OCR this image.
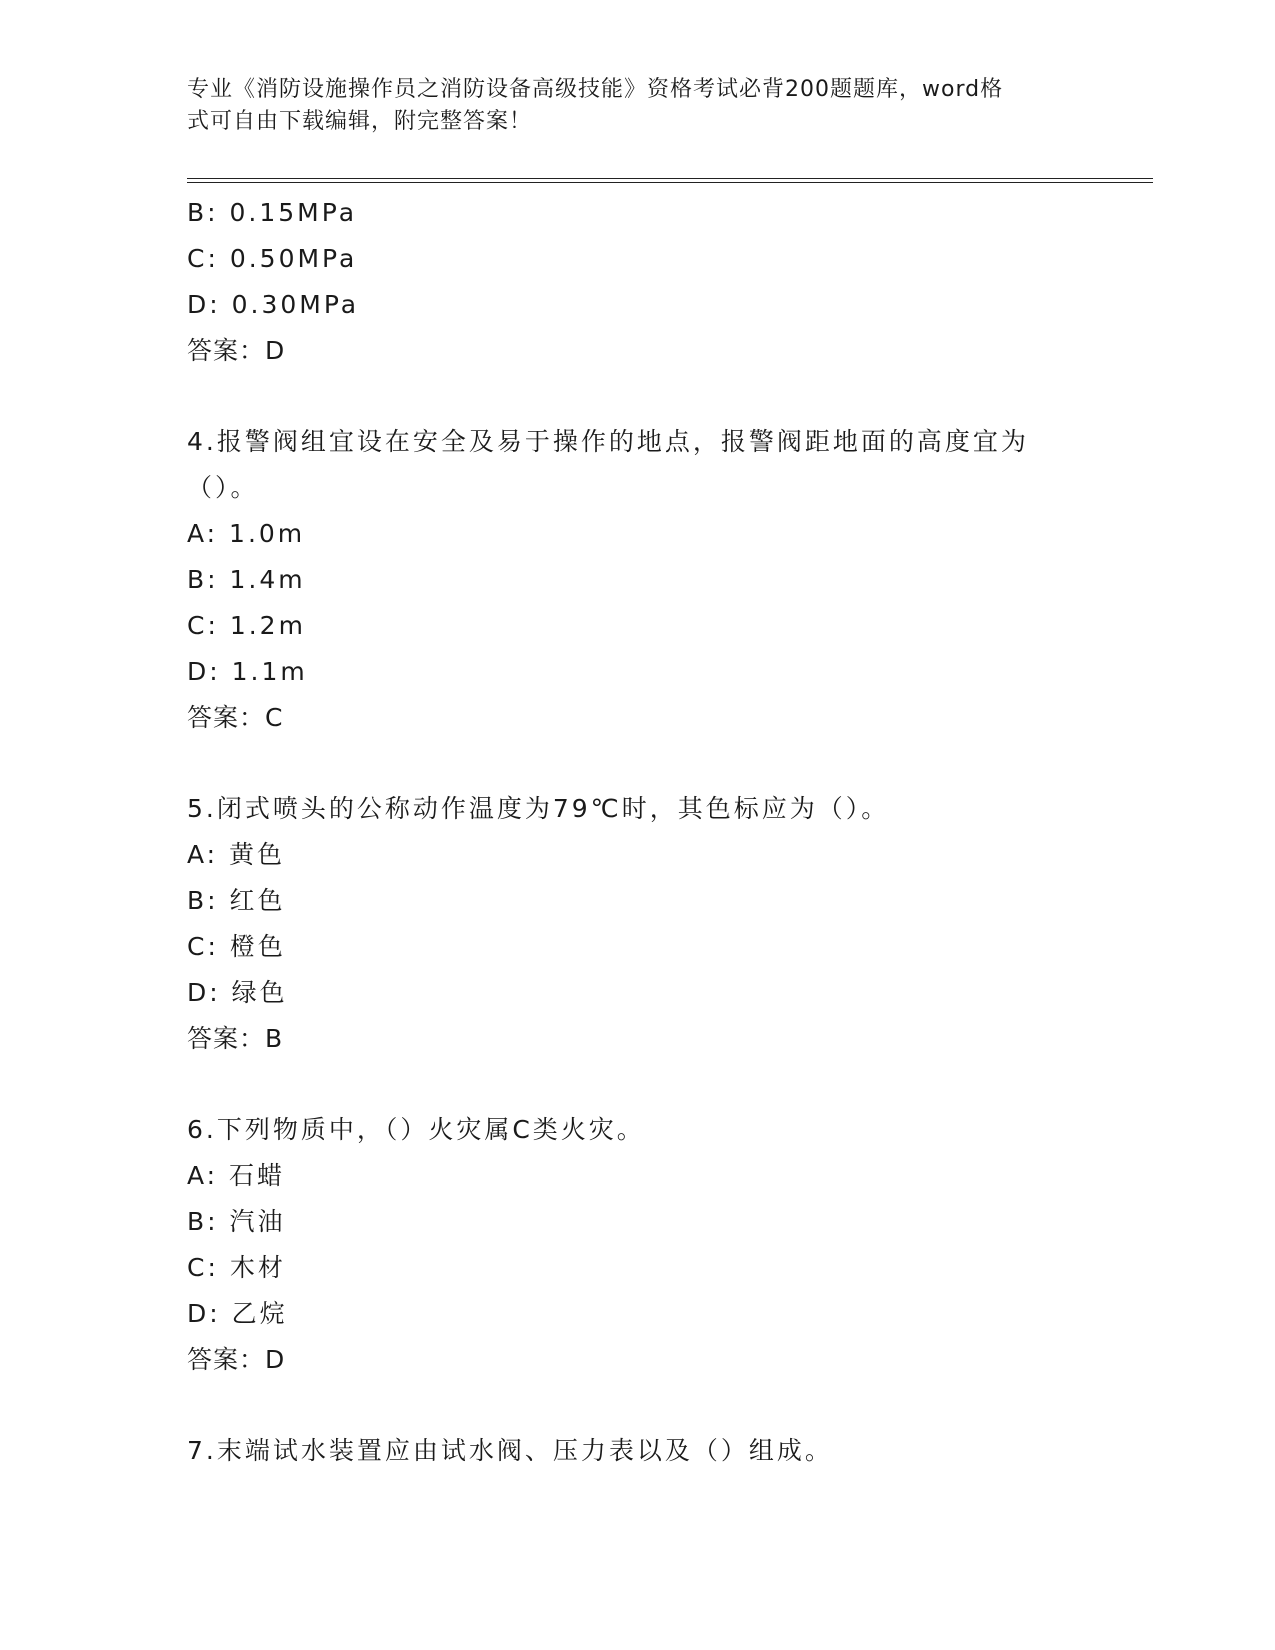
专业《消防设施操作员之消防设备高级技能》资格考试必背200题题库，word格
式可自由下载编辑，附完整答案！
B: 0.15MPa
C: 0.50MPa
D: 0.30MPa
答案：D
4.报警阀组宜设在安全及易于操作的地点，报警阀距地面的高度宜为
（）。
A: 1.0m
B: 1.4m
C: 1.2m
D: 1.1m
答案：C
5.闭式喷头的公称动作温度为79℃时，其色标应为（）。
A: 黄色
B: 红色
C: 橙色
D: 绿色
答案：B
6.下列物质中，（）火灾属C类火灾。
A: 石蜡
B: 汽油
C: 木材
D: 乙烷
答案：D
7.末端试水装置应由试水阀、压力表以及（）组成。
